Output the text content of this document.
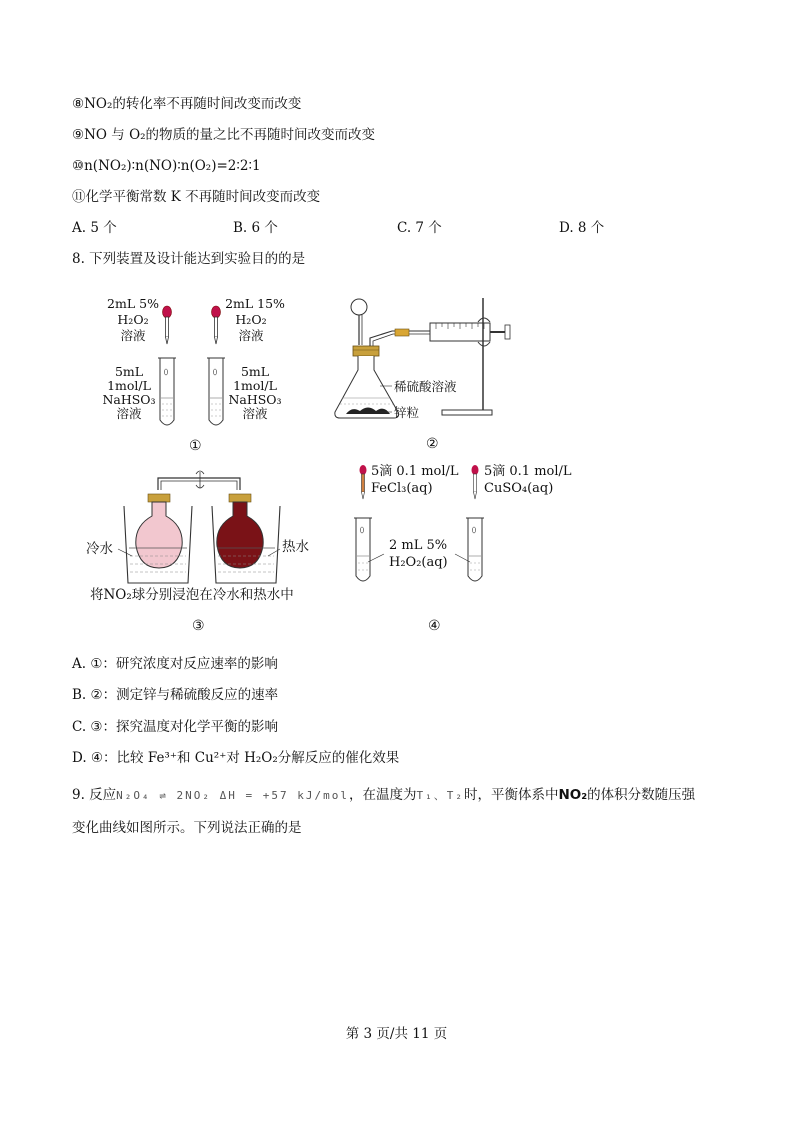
⑧NO₂的转化率不再随时间改变而改变
⑨NO 与 O₂的物质的量之比不再随时间改变而改变
⑩n(NO₂)∶n(NO)∶n(O₂)=2∶2∶1
⑪化学平衡常数 K 不再随时间改变而改变
A. 5 个	B. 6 个	C. 7 个	D. 8 个
8. 下列装置及设计能达到实验目的的是
2mL 5%
H₂O₂
溶液
2mL 15%
H₂O₂
溶液
5mL
1mol/L
NaHSO₃
溶液
5mL
1mol/L
NaHSO₃
溶液
①
稀硫酸溶液
锌粒
②
冷水	热水
将NO₂球分别浸泡在冷水和热水中
③
5滴 0.1 mol/L
FeCl₃(aq)
5滴 0.1 mol/L
CuSO₄(aq)
2 mL 5%
H₂O₂(aq)
④
A. ①：研究浓度对反应速率的影响
B. ②：测定锌与稀硫酸反应的速率
C. ③：探究温度对化学平衡的影响
D. ④：比较 Fe³⁺和 Cu²⁺对 H₂O₂分解反应的催化效果
9. 反应N₂O₄ ⇌ 2NO₂ ΔH = +57 kJ/mol，在温度为T₁、T₂时，平衡体系中NO₂的体积分数随压强
变化曲线如图所示。下列说法正确的是
第 3 页/共 11 页
